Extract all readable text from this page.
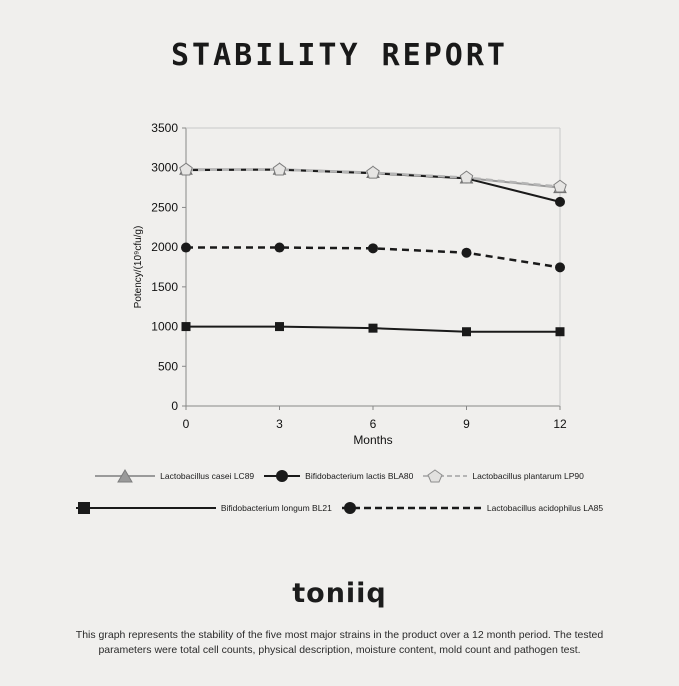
STABILITY REPORT
0
500
1000
1500
2000
2500
3000
3500
0	3	6	9	12
Months
Potency/(10⁹cfu/g)
Lactobacillus casei LC89	Bifidobacterium lactis BLA80	Lactobacillus plantarum LP90
Bifidobacterium longum BL21	Lactobacillus acidophilus LA85
toniiq
This graph represents the stability of the five most major strains in the product over a 12 month period. The tested parameters were total cell counts, physical description, moisture content, mold count and pathogen test.
